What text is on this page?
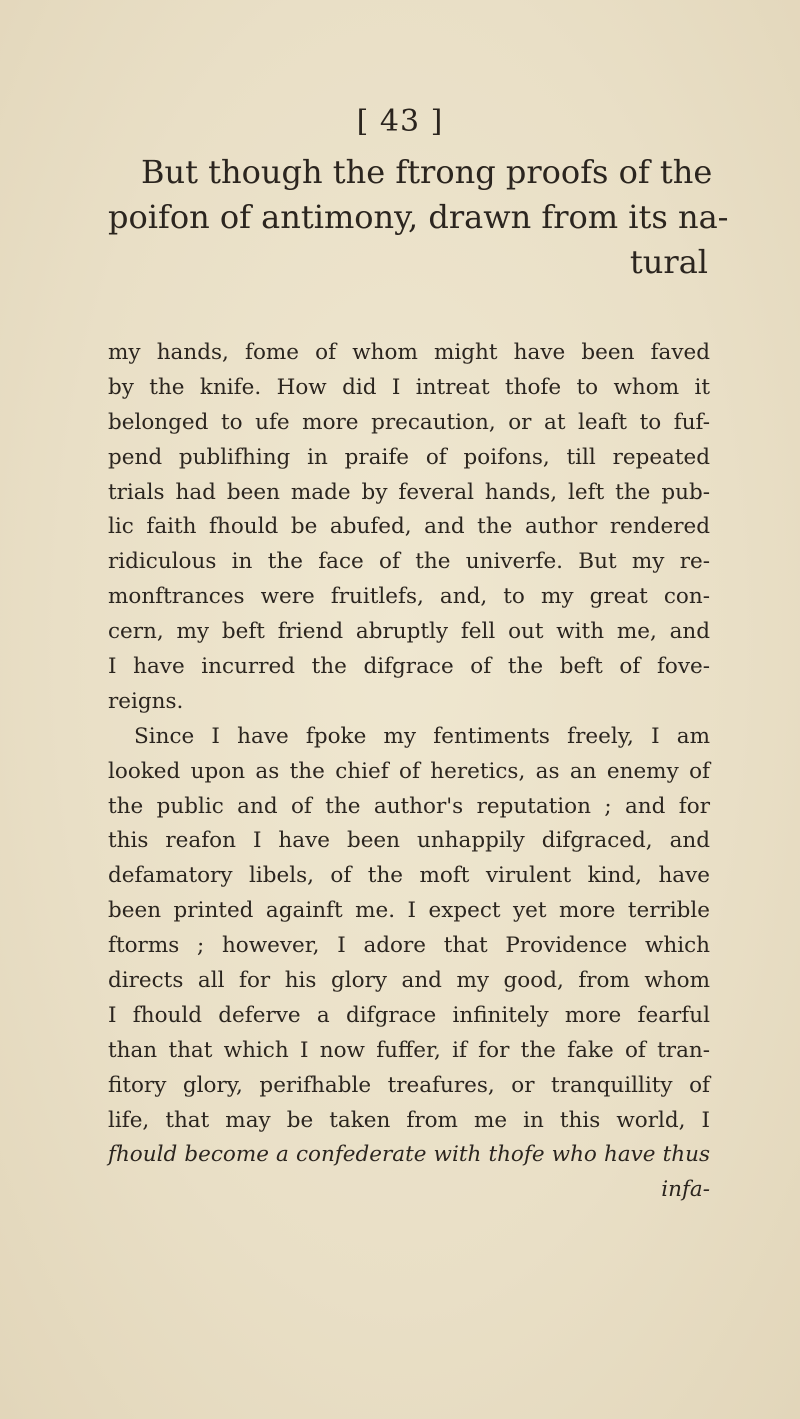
[ 43 ]
But though the ftrong proofs of the
poifon of antimony, drawn from its na-
tural
my hands, fome of whom might have been faved
by the knife. How did I intreat thofe to whom it
belonged to ufe more precaution, or at leaft to fuf-
pend publifhing in praife of poifons, till repeated
trials had been made by feveral hands, left the pub-
lic faith fhould be abufed, and the author rendered
ridiculous in the face of the univerfe. But my re-
monftrances were fruitlefs, and, to my great con-
cern, my beft friend abruptly fell out with me, and
I have incurred the difgrace of the beft of fove-
reigns.
Since I have fpoke my fentiments freely, I am
looked upon as the chief of heretics, as an enemy of
the public and of the author's reputation ; and for
this reafon I have been unhappily difgraced, and
defamatory libels, of the moft virulent kind, have
been printed againft me. I expect yet more terrible
ftorms ; however, I adore that Providence which
directs all for his glory and my good, from whom
I fhould deferve a difgrace infinitely more fearful
than that which I now fuffer, if for the fake of tran-
fitory glory, perifhable treafures, or tranquillity of
life, that may be taken from me in this world, I
fhould become a confederate with thofe who have thus
infa-
